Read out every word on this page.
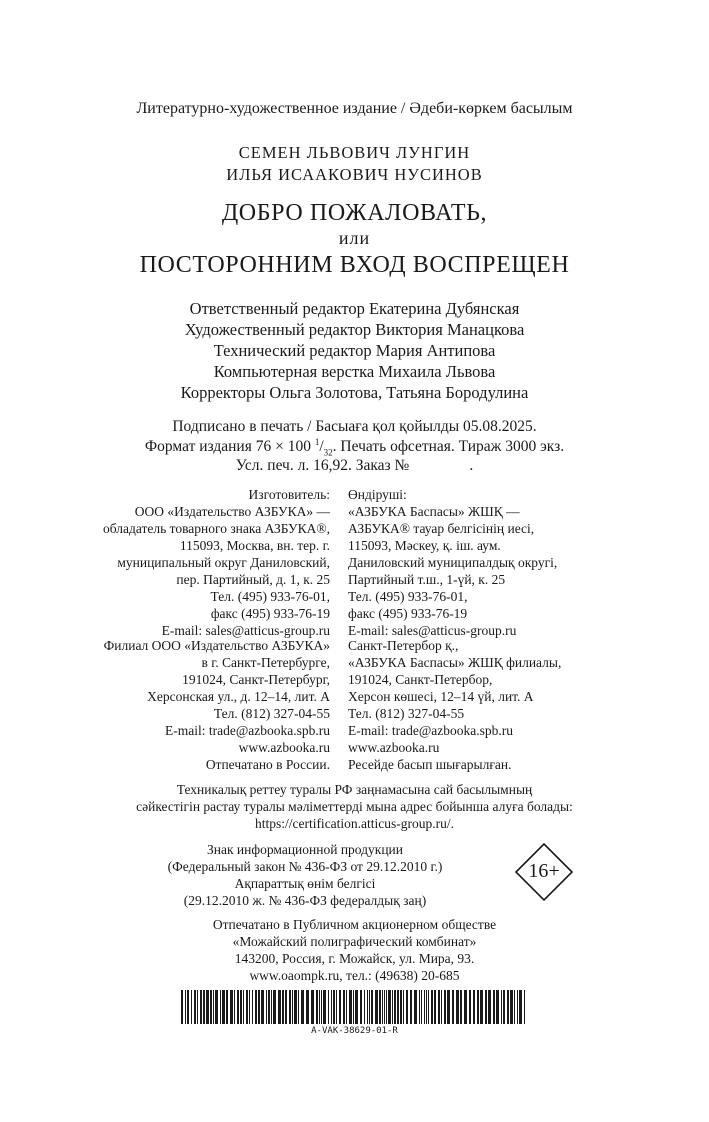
Литературно-художественное издание / Әдеби-көркем басылым
СЕМЕН ЛЬВОВИЧ ЛУНГИН
ИЛЬЯ ИСААКОВИЧ НУСИНОВ
ДОБРО ПОЖАЛОВАТЬ,
или
ПОСТОРОННИМ ВХОД ВОСПРЕЩЕН
Ответственный редактор Екатерина Дубянская
Художественный редактор Виктория Манацкова
Технический редактор Мария Антипова
Компьютерная верстка Михаила Львова
Корректоры Ольга Золотова, Татьяна Бородулина
Подписано в печать / Басыаға қол қойылды 05.08.2025.
Формат издания 76 × 100 $^1/_{32}$. Печать офсетная. Тираж 3000 экз.
Усл. печ. л. 16,92. Заказ №	.
Изготовитель:
ООО «Издательство АЗБУКА» —
обладатель товарного знака АЗБУКА®,
115093, Москва, вн. тер. г.
муниципальный округ Даниловский,
пер. Партийный, д. 1, к. 25
Тел. (495) 933-76-01,
факс (495) 933-76-19
E-mail: sales@atticus-group.ru
Өндіруші:
«АЗБУКА Баспасы» ЖШҚ —
АЗБУКА® тауар белгісінің иесі,
115093, Мәскеу, қ. іш. аум.
Даниловский муниципалдық округі,
Партийный т.ш., 1-үй, к. 25
Тел. (495) 933-76-01,
факс (495) 933-76-19
E-mail: sales@atticus-group.ru
Филиал ООО «Издательство АЗБУКА»
в г. Санкт-Петербурге,
191024, Санкт-Петербург,
Херсонская ул., д. 12–14, лит. А
Тел. (812) 327-04-55
E-mail: trade@azbooka.spb.ru
Санкт-Петербор қ.,
«АЗБУКА Баспасы» ЖШҚ филиалы,
191024, Санкт-Петербор,
Херсон көшесі, 12–14 үй, лит. А
Тел. (812) 327-04-55
E-mail: trade@azbooka.spb.ru
www.azbooka.ru
Отпечатано в России.
www.azbooka.ru
Ресейде басып шығарылған.
Техникалық реттеу туралы РФ заңнамасына сай басылымның
сәйкестігін растау туралы мәліметтерді мына адрес бойынша алуға болады:
https://certification.atticus-group.ru/.
Знак информационной продукции
(Федеральный закон № 436-ФЗ от 29.12.2010 г.)
Ақпараттық өнім белгісі
(29.12.2010 ж. № 436-ФЗ федералдық заң)
16+
Отпечатано в Публичном акционерном обществе
«Можайский полиграфический комбинат»
143200, Россия, г. Можайск, ул. Мира, 93.
www.oaompk.ru, тел.: (49638) 20-685
A-VAK-38629-01-R
